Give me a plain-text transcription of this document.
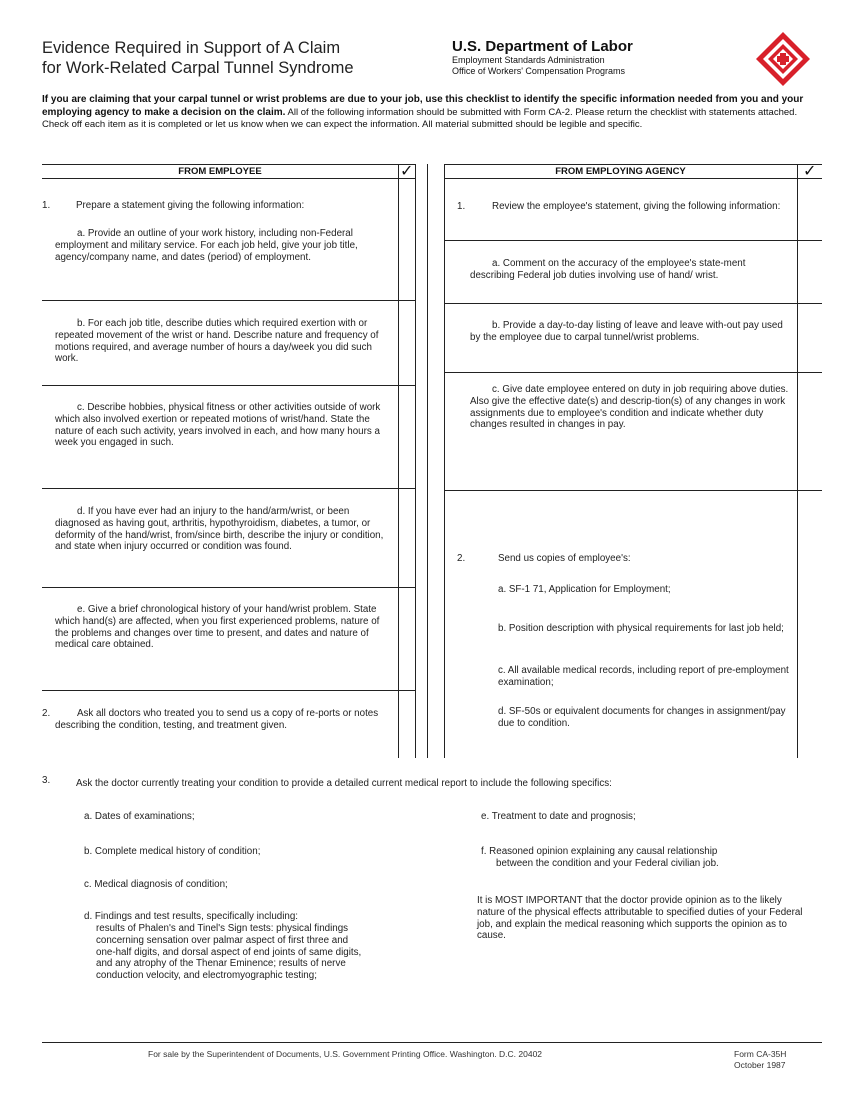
Evidence Required in Support of A Claim
for Work-Related Carpal Tunnel Syndrome
U.S. Department of Labor
Employment Standards Administration
Office of Workers' Compensation Programs
If you are claiming that your carpal tunnel or wrist problems are due to your job, use this checklist to identify the specific information needed from you and your employing agency to make a decision on the claim. All of the following information should be submitted with Form CA-2. Please return the checklist with statements attached. Check off each item as it is completed or let us know when we can expect the information. All material submitted should be legible and specific.
FROM EMPLOYEE	✓	FROM EMPLOYING AGENCY	✓
1.	Prepare a statement giving the following information:
a. Provide an outline of your work history, including non-Federal employment and military service. For each job held, give your job title, agency/company name, and dates (period) of employment.
b. For each job title, describe duties which required exertion with or repeated movement of the wrist or hand. Describe nature and frequency of motions required, and average number of hours a day/week you did such work.
c. Describe hobbies, physical fitness or other activities outside of work which also involved exertion or repeated motions of wrist/hand. State the nature of each such activity, years involved in each, and how many hours a week you engaged in such.
d. If you have ever had an injury to the hand/arm/wrist, or been diagnosed as having gout, arthritis, hypothyroidism, diabetes, a tumor, or deformity of the hand/wrist, from/since birth, describe the injury or condition, and state when injury occurred or condition was found.
e. Give a brief chronological history of your hand/wrist problem. State which hand(s) are affected, when you first experienced problems, nature of the problems and changes over time to present, and dates and nature of medical care obtained.
2.	Ask all doctors who treated you to send us a copy of re-ports or notes describing the condition, testing, and treatment given.
1.	Review the employee's statement, giving the following information:
a. Comment on the accuracy of the employee's state-ment describing Federal job duties involving use of hand/ wrist.
b. Provide a day-to-day listing of leave and leave with-out pay used by the employee due to carpal tunnel/wrist problems.
c. Give date employee entered on duty in job requiring above duties. Also give the effective date(s) and descrip-tion(s) of any changes in work assignments due to employee's condition and indicate whether duty changes resulted in changes in pay.
2.	Send us copies of employee's:
a. SF-1 71, Application for Employment;
b. Position description with physical requirements for last job held;
c. All available medical records, including report of pre-employment examination;
d. SF-50s or equivalent documents for changes in assignment/pay due to condition.
3.	Ask the doctor currently treating your condition to provide a detailed current medical report to include the following specifics:
a. Dates of examinations;
b. Complete medical history of condition;
c. Medical diagnosis of condition;
d. Findings and test results, specifically including:
results of Phalen's and Tinel's Sign tests: physical findings concerning sensation over palmar aspect of first three and one-half digits, and dorsal aspect of end joints of same digits, and any atrophy of the Thenar Eminence; results of nerve conduction velocity, and electromyographic testing;
e. Treatment to date and prognosis;
f. Reasoned opinion explaining any causal relationship
between the condition and your Federal civilian job.
It is MOST IMPORTANT that the doctor provide opinion as to the likely nature of the physical effects attributable to specified duties of your Federal job, and explain the medical reasoning which supports the opinion as to cause.
For sale by the Superintendent of Documents, U.S. Government Printing Office. Washington. D.C. 20402	Form CA-35H
October 1987
